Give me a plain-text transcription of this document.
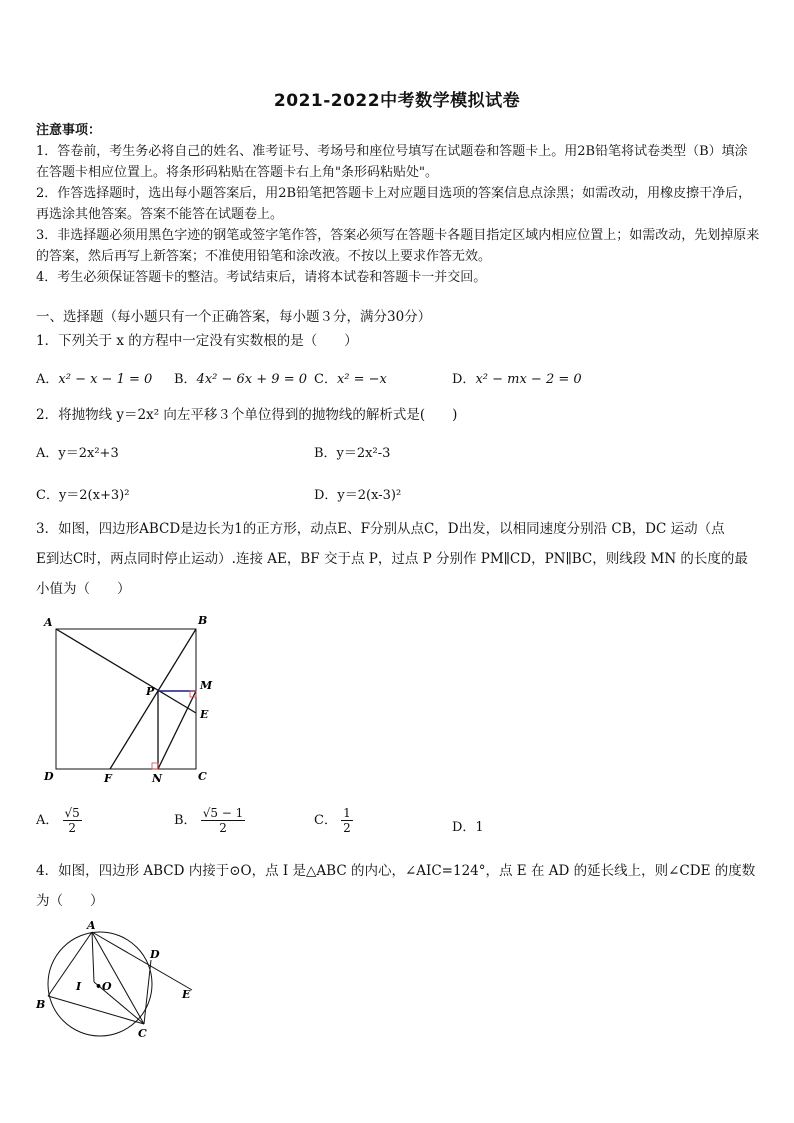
2021-2022中考数学模拟试卷

注意事项：

1．答卷前，考生务必将自己的姓名、准考证号、考场号和座位号填写在试题卷和答题卡上。用2B铅笔将试卷类型（B）填涂在答题卡相应位置上。将条形码粘贴在答题卡右上角"条形码粘贴处"。

2．作答选择题时，选出每小题答案后，用2B铅笔把答题卡上对应题目选项的答案信息点涂黑；如需改动，用橡皮擦干净后，再选涂其他答案。答案不能答在试题卷上。

3．非选择题必须用黑色字迹的钢笔或签字笔作答，答案必须写在答题卡各题目指定区域内相应位置上；如需改动，先划掉原来的答案，然后再写上新答案；不准使用铅笔和涂改液。不按以上要求作答无效。

4．考生必须保证答题卡的整洁。考试结束后，请将本试卷和答题卡一并交回。

一、选择题（每小题只有一个正确答案，每小题３分，满分30分）
1．下列关于 x 的方程中一定没有实数根的是（　　）
A．x² − x − 1 = 0 B．4x² − 6x + 9 = 0 C．x² = −x	D．x² − mx − 2 = 0
2．将抛物线 y＝2x² 向左平移３个单位得到的抛物线的解析式是(　　)
A．y＝2x²+3	B．y＝2x²-3
C．y＝2(x+3)²	D．y＝2(x-3)²
3．如图，四边形ABCD是边长为1的正方形，动点E、F分别从点C，D出发，以相同速度分别沿 CB，DC 运动（点
E到达C时，两点同时停止运动）.连接 AE，BF 交于点 P，过点 P 分别作 PM∥CD，PN∥BC，则线段 MN 的长度的最
小值为（　　）
A	B
C
D
P	M
E
F	N
A． $\frac{√5}{2}$	B． $\frac{√5 - 1}{2}$	C． $\frac{1}{2}$	D．1
4．如图，四边形 ABCD 内接于⊙O，点 I 是△ABC 的内心，∠AIC=124°，点 E 在 AD 的延长线上，则∠CDE 的度数
为（　　）
A
B
C
D
E
I •O
